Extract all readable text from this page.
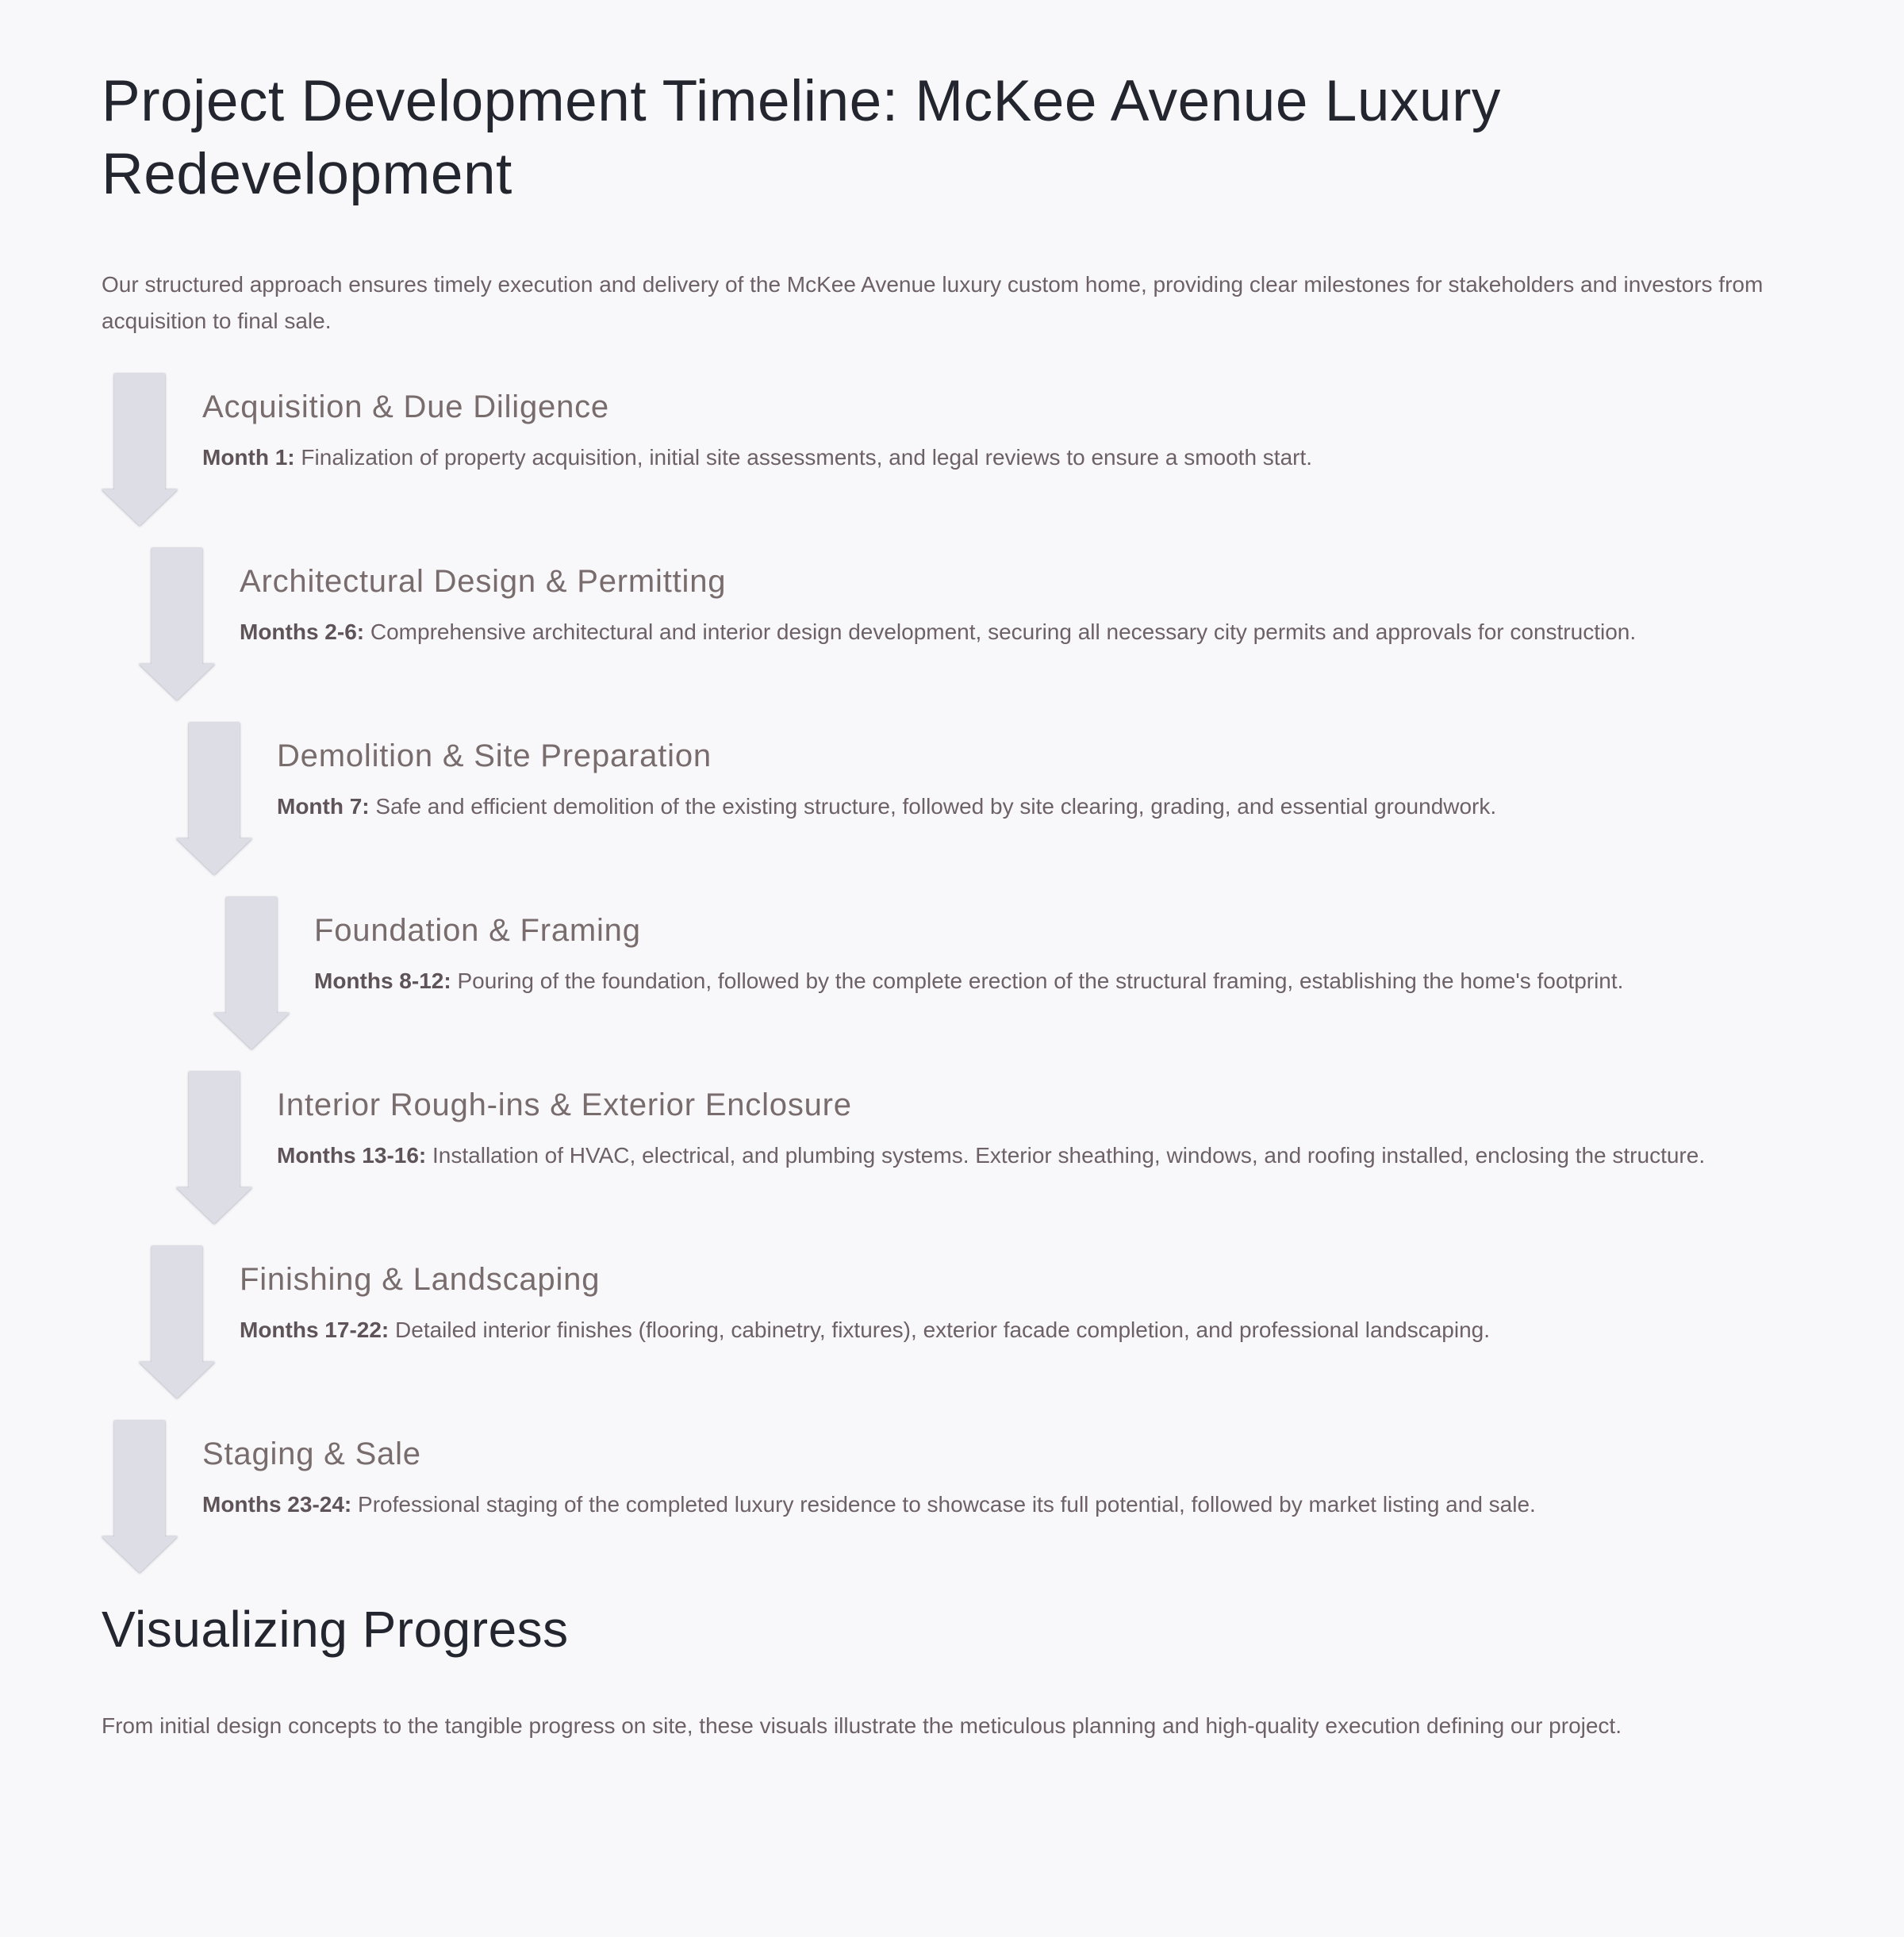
Project Development Timeline: McKee Avenue Luxury Redevelopment

Our structured approach ensures timely execution and delivery of the McKee Avenue luxury custom home, providing clear milestones for stakeholders and investors from acquisition to final sale.

Acquisition & Due Diligence

Month 1: Finalization of property acquisition, initial site assessments, and legal reviews to ensure a smooth start.

Architectural Design & Permitting

Months 2-6: Comprehensive architectural and interior design development, securing all necessary city permits and approvals for construction.

Demolition & Site Preparation

Month 7: Safe and efficient demolition of the existing structure, followed by site clearing, grading, and essential groundwork.

Foundation & Framing

Months 8-12: Pouring of the foundation, followed by the complete erection of the structural framing, establishing the home's footprint.

Interior Rough-ins & Exterior Enclosure

Months 13-16: Installation of HVAC, electrical, and plumbing systems. Exterior sheathing, windows, and roofing installed, enclosing the structure.

Finishing & Landscaping

Months 17-22: Detailed interior finishes (flooring, cabinetry, fixtures), exterior facade completion, and professional landscaping.

Staging & Sale

Months 23-24: Professional staging of the completed luxury residence to showcase its full potential, followed by market listing and sale.

Visualizing Progress

From initial design concepts to the tangible progress on site, these visuals illustrate the meticulous planning and high-quality execution defining our project.
